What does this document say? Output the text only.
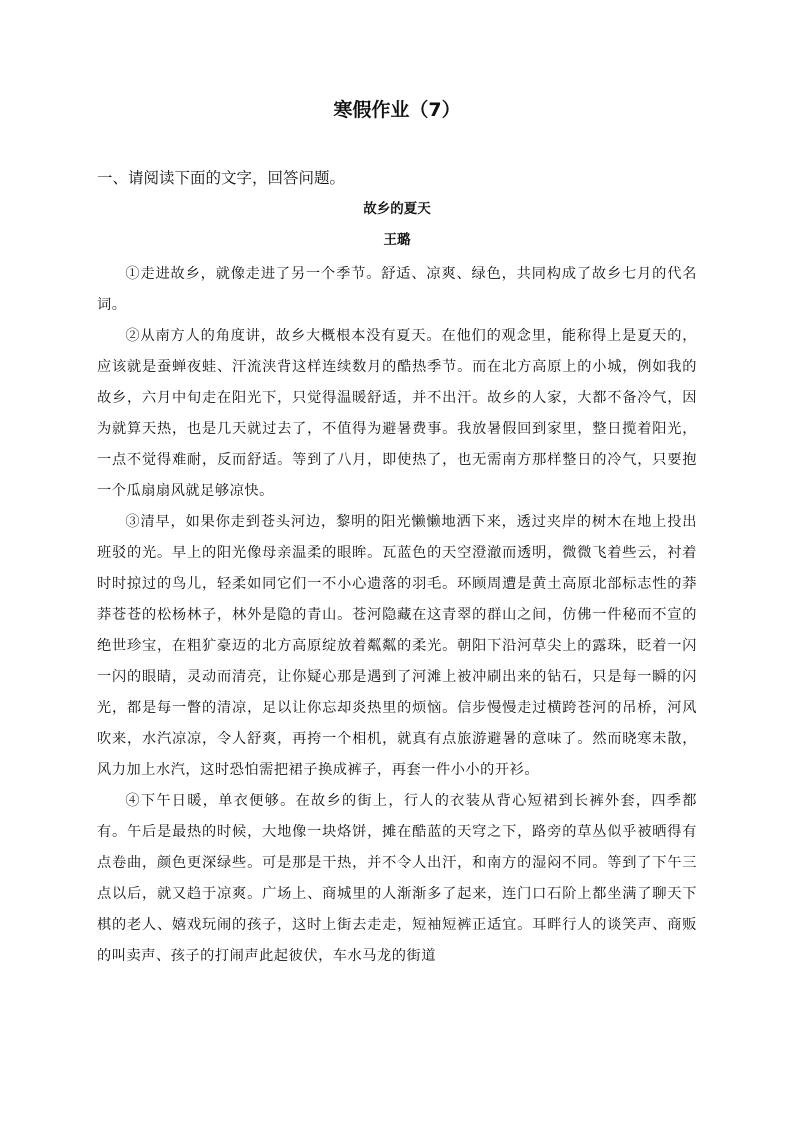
寒假作业（7）

一、请阅读下面的文字，回答问题。

故乡的夏天

王璐

①走进故乡，就像走进了另一个季节。舒适、凉爽、绿色，共同构成了故乡七月的代名词。

②从南方人的角度讲，故乡大概根本没有夏天。在他们的观念里，能称得上是夏天的，应该就是蚕蝉夜蛙、汗流浃背这样连续数月的酷热季节。而在北方高原上的小城，例如我的故乡，六月中旬走在阳光下，只觉得温暖舒适，并不出汗。故乡的人家，大都不备冷气，因为就算天热，也是几天就过去了，不值得为避暑费事。我放暑假回到家里，整日揽着阳光，一点不觉得难耐，反而舒适。等到了八月，即使热了，也无需南方那样整日的冷气，只要抱一个瓜扇扇风就足够凉快。

③清早，如果你走到苍头河边，黎明的阳光懒懒地洒下来，透过夹岸的树木在地上投出班驳的光。早上的阳光像母亲温柔的眼眸。瓦蓝色的天空澄澈而透明，微微飞着些云，衬着时时掠过的鸟儿，轻柔如同它们一不小心遗落的羽毛。环顾周遭是黄土高原北部标志性的莽莽苍苍的松杨林子，林外是隐的青山。苍河隐藏在这青翠的群山之间，仿佛一件秘而不宣的绝世珍宝，在粗犷豪迈的北方高原绽放着粼粼的柔光。朝阳下沿河草尖上的露珠，眨着一闪一闪的眼睛，灵动而清亮，让你疑心那是遇到了河滩上被冲刷出来的钻石，只是每一瞬的闪光，都是每一瞥的清凉，足以让你忘却炎热里的烦恼。信步慢慢走过横跨苍河的吊桥，河风吹来，水汽凉凉，令人舒爽，再挎一个相机，就真有点旅游避暑的意味了。然而晓寒未散，风力加上水汽，这时恐怕需把裙子换成裤子，再套一件小小的开衫。

④下午日暖，单衣便够。在故乡的街上，行人的衣装从背心短裙到长裤外套，四季都有。午后是最热的时候，大地像一块烙饼，摊在酷蓝的天穹之下，路旁的草丛似乎被晒得有点卷曲，颜色更深绿些。可是那是干热，并不令人出汗，和南方的湿闷不同。等到了下午三点以后，就又趋于凉爽。广场上、商城里的人渐渐多了起来，连门口石阶上都坐满了聊天下棋的老人、嬉戏玩闹的孩子，这时上街去走走，短袖短裤正适宜。耳畔行人的谈笑声、商贩的叫卖声、孩子的打闹声此起彼伏，车水马龙的街道
